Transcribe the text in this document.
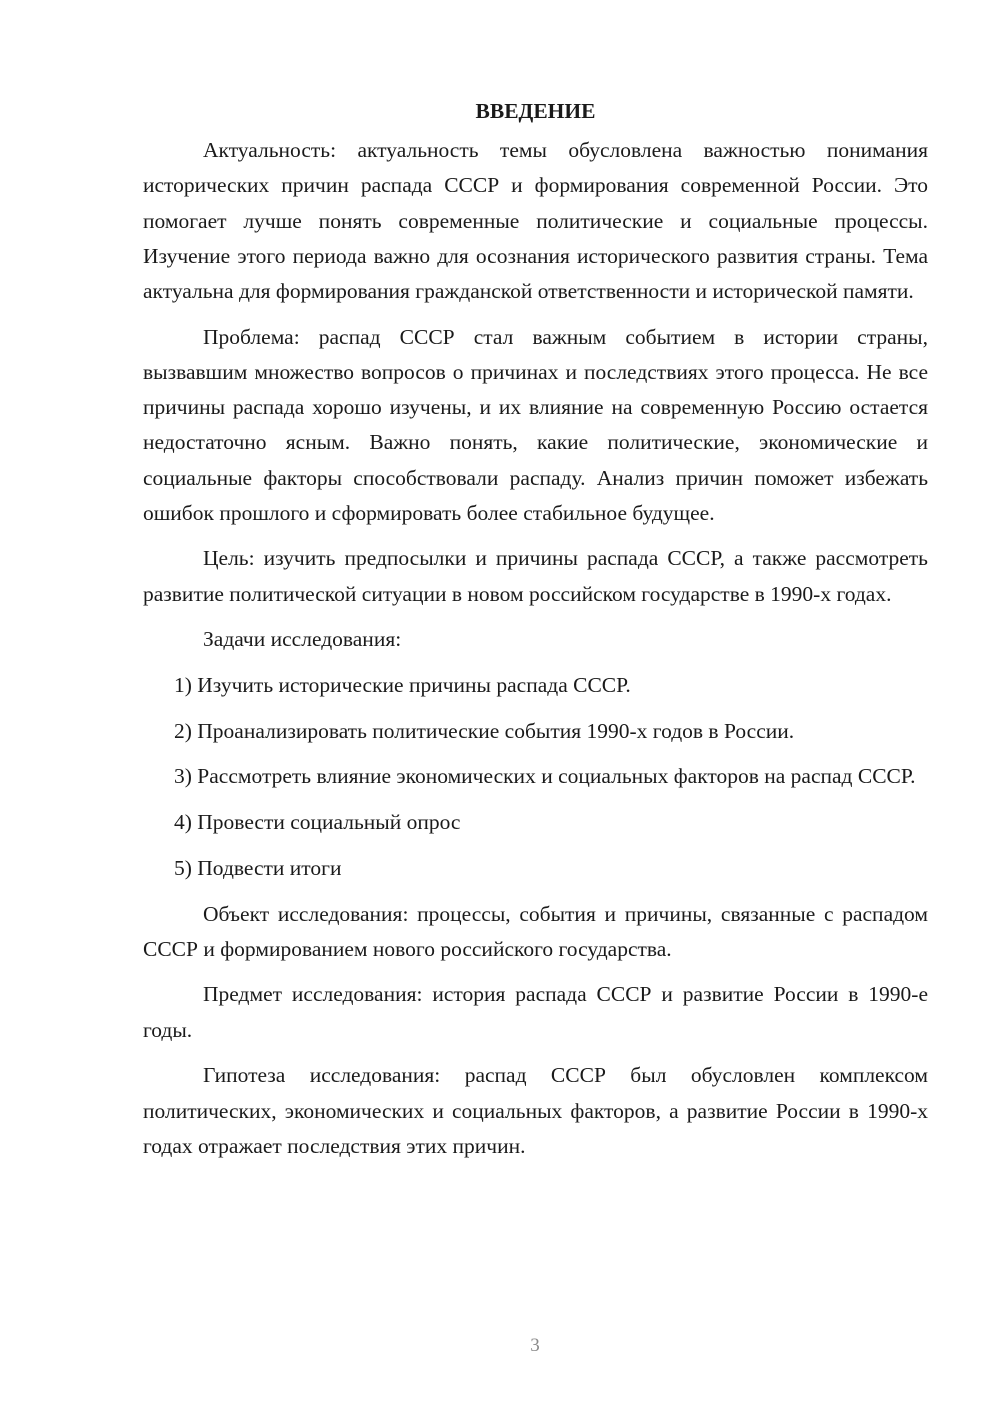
ВВЕДЕНИЕ

Актуальность: актуальность темы обусловлена важностью понимания исторических причин распада СССР и формирования современной России. Это помогает лучше понять современные политические и социальные процессы. Изучение этого периода важно для осознания исторического развития страны. Тема актуальна для формирования гражданской ответственности и исторической памяти.

Проблема: распад СССР стал важным событием в истории страны, вызвавшим множество вопросов о причинах и последствиях этого процесса. Не все причины распада хорошо изучены, и их влияние на современную Россию остается недостаточно ясным. Важно понять, какие политические, экономические и социальные факторы способствовали распаду. Анализ причин поможет избежать ошибок прошлого и сформировать более стабильное будущее.

Цель: изучить предпосылки и причины распада СССР, а также рассмотреть развитие политической ситуации в новом российском государстве в 1990-х годах.

Задачи исследования:

1) Изучить исторические причины распада СССР.

2) Проанализировать политические события 1990-х годов в России.

3) Рассмотреть влияние экономических и социальных факторов на распад СССР.

4) Провести социальный опрос

5) Подвести итоги

Объект исследования: процессы, события и причины, связанные с распадом СССР и формированием нового российского государства.

Предмет исследования: история распада СССР и развитие России в 1990-е годы.

Гипотеза исследования: распад СССР был обусловлен комплексом политических, экономических и социальных факторов, а развитие России в 1990-х годах отражает последствия этих причин.

3
